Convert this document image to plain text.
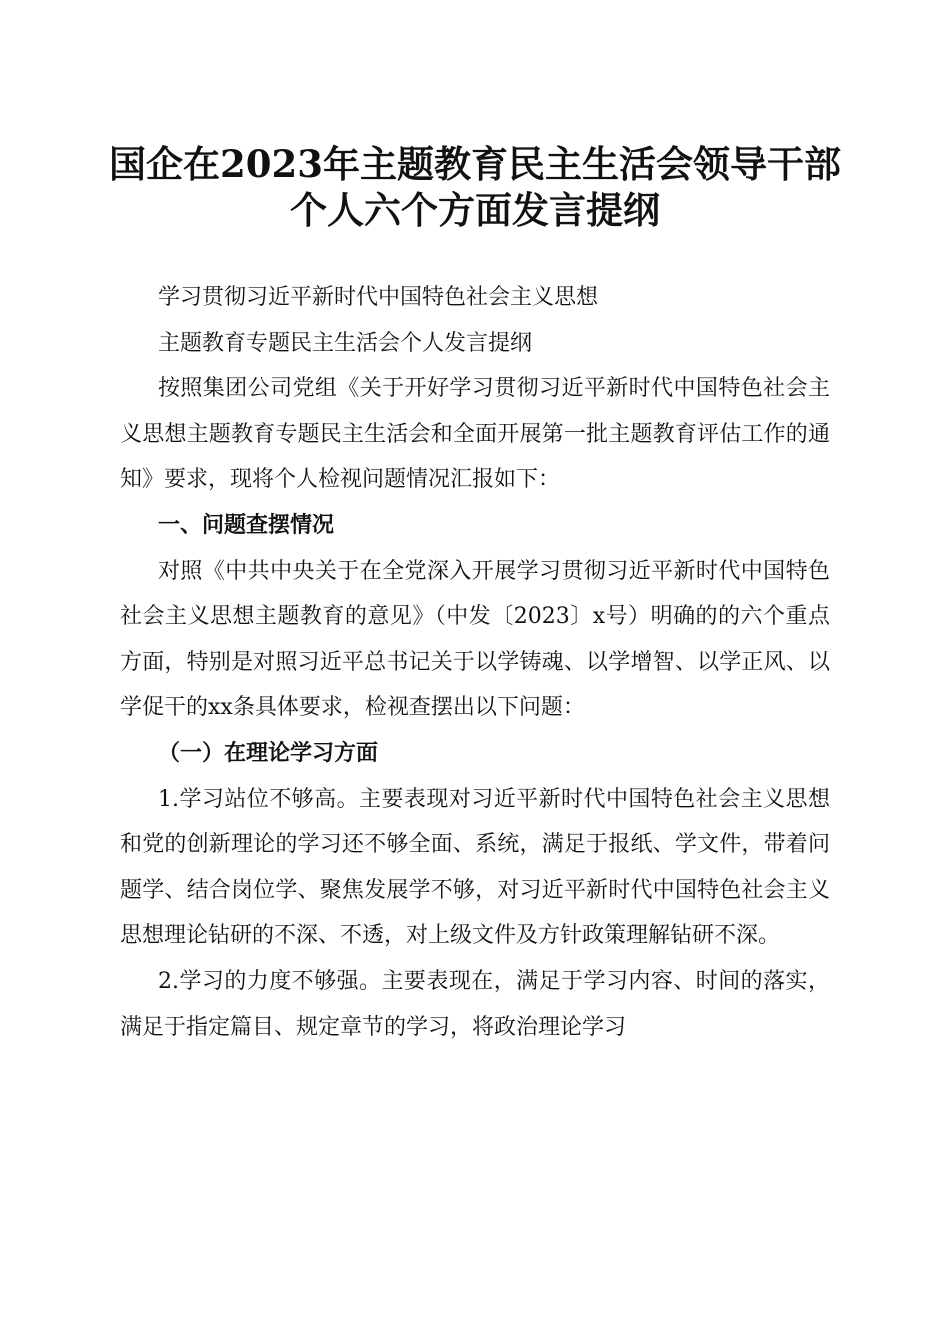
国企在2023年主题教育民主生活会领导干部
个人六个方面发言提纲

学习贯彻习近平新时代中国特色社会主义思想

主题教育专题民主生活会个人发言提纲

按照集团公司党组《关于开好学习贯彻习近平新时代中国特色社会主义思想主题教育专题民主生活会和全面开展第一批主题教育评估工作的通知》要求，现将个人检视问题情况汇报如下：

一、问题查摆情况

对照《中共中央关于在全党深入开展学习贯彻习近平新时代中国特色社会主义思想主题教育的意见》（中发〔2023〕x号）明确的的六个重点方面，特别是对照习近平总书记关于以学铸魂、以学增智、以学正风、以学促干的xx条具体要求，检视查摆出以下问题：

（一）在理论学习方面

1.学习站位不够高。主要表现对习近平新时代中国特色社会主义思想和党的创新理论的学习还不够全面、系统，满足于报纸、学文件，带着问题学、结合岗位学、聚焦发展学不够，对习近平新时代中国特色社会主义思想理论钻研的不深、不透，对上级文件及方针政策理解钻研不深。

2.学习的力度不够强。主要表现在，满足于学习内容、时间的落实，满足于指定篇目、规定章节的学习，将政治理论学习
